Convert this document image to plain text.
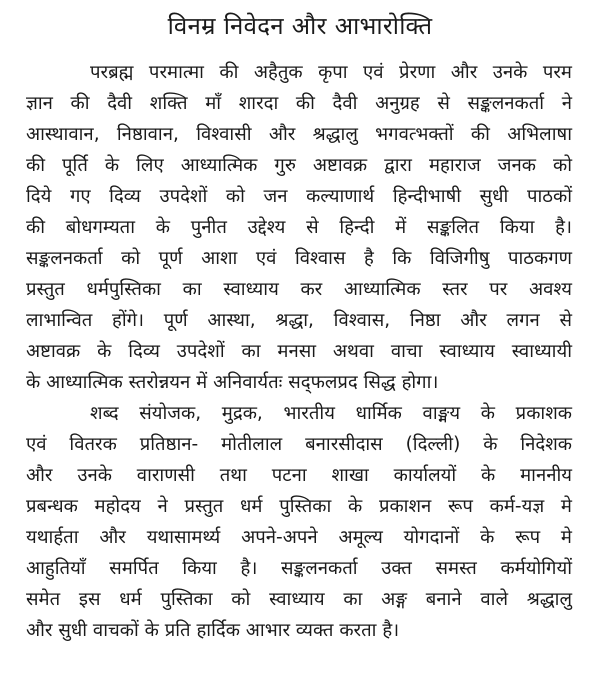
विनम्र निवेदन और आभारोक्ति
परब्रह्म परमात्मा की अहैतुक कृपा एवं प्रेरणा और उनके परम
ज्ञान की दैवी शक्ति माँ शारदा की दैवी अनुग्रह से सङ्कलनकर्ता ने
आस्थावान, निष्ठावान, विश्वासी और श्रद्धालु भगवत्भक्तों की अभिलाषा
की पूर्ति के लिए आध्यात्मिक गुरु अष्टावक्र द्वारा महाराज जनक को
दिये गए दिव्य उपदेशों को जन कल्याणार्थ हिन्दीभाषी सुधी पाठकों
की बोधगम्यता के पुनीत उद्देश्य से हिन्दी में सङ्कलित किया है।
सङ्कलनकर्ता को पूर्ण आशा एवं विश्वास है कि विजिगीषु पाठकगण
प्रस्तुत धर्मपुस्तिका का स्वाध्याय कर आध्यात्मिक स्तर पर अवश्य
लाभान्वित होंगे। पूर्ण आस्था, श्रद्धा, विश्वास, निष्ठा और लगन से
अष्टावक्र के दिव्य उपदेशों का मनसा अथवा वाचा स्वाध्याय स्वाध्यायी
के आध्यात्मिक स्तरोन्नयन में अनिवार्यतः सद्फलप्रद सिद्ध होगा।
शब्द संयोजक, मुद्रक, भारतीय धार्मिक वाङ्मय के प्रकाशक
एवं वितरक प्रतिष्ठान- मोतीलाल बनारसीदास (दिल्ली) के निदेशक
और उनके वाराणसी तथा पटना शाखा कार्यालयों के माननीय
प्रबन्धक महोदय ने प्रस्तुत धर्म पुस्तिका के प्रकाशन रूप कर्म-यज्ञ मे
यथार्हता और यथासामर्थ्य अपने-अपने अमूल्य योगदानों के रूप मे
आहुतियाँ समर्पित किया है। सङ्कलनकर्ता उक्त समस्त कर्मयोगियों
समेत इस धर्म पुस्तिका को स्वाध्याय का अङ्ग बनाने वाले श्रद्धालु
और सुधी वाचकों के प्रति हार्दिक आभार व्यक्त करता है।
